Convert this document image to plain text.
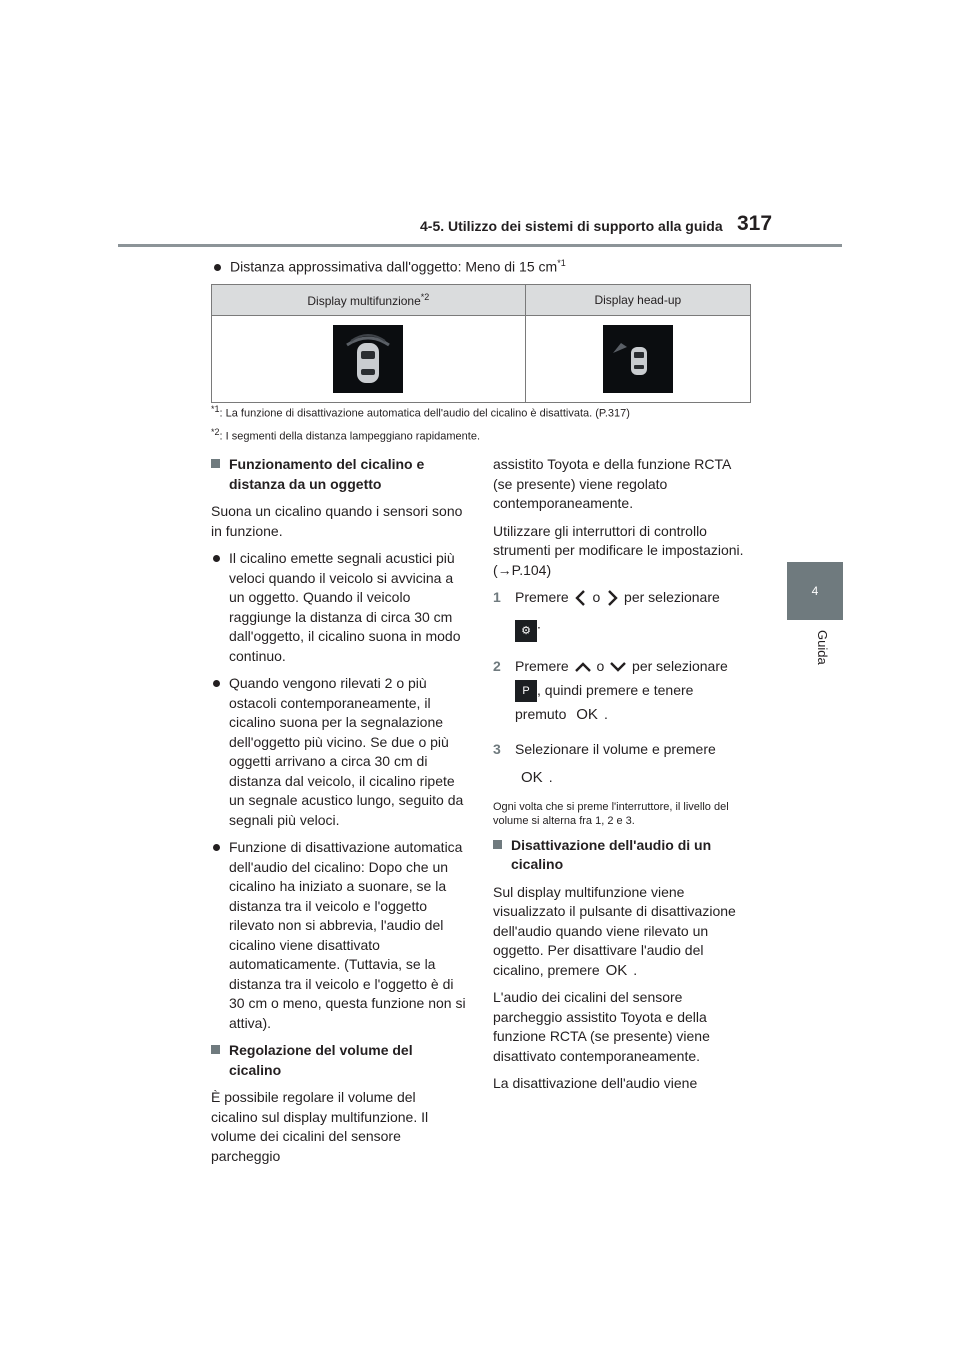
4-5. Utilizzo dei sistemi di supporto alla guida 317
4
Guida
Distanza approssimativa dall'oggetto: Meno di 15 $cm^{*1}$
Display multifunzione$^{*2}$	Display head-up

$^{*1}$: La funzione di disattivazione automatica dell'audio del cicalino è disattivata. (P.317)
$^{*2}$: I segmenti della distanza lampeggiano rapidamente.

Funzionamento del cicalino e distanza da un oggetto

Suona un cicalino quando i sensori sono in funzione.

Il cicalino emette segnali acustici più veloci quando il veicolo si avvicina a un oggetto. Quando il veicolo raggiunge la distanza di circa 30 cm dall'oggetto, il cicalino suona in modo continuo.

Quando vengono rilevati 2 o più ostacoli contemporaneamente, il cicalino suona per la segnalazione dell'oggetto più vicino. Se due o più oggetti arrivano a circa 30 cm di distanza dal veicolo, il cicalino ripete un segnale acustico lungo, seguito da segnali più veloci.

Funzione di disattivazione automatica dell'audio del cicalino: Dopo che un cicalino ha iniziato a suonare, se la distanza tra il veicolo e l'oggetto rilevato non si abbrevia, l'audio del cicalino viene disattivato automaticamente. (Tuttavia, se la distanza tra il veicolo e l'oggetto è di 30 cm o meno, questa funzione non si attiva).

Regolazione del volume del cicalino

È possibile regolare il volume del cicalino sul display multifunzione. Il volume dei cicalini del sensore parcheggio

assistito Toyota e della funzione RCTA (se presente) viene regolato contemporaneamente.

Utilizzare gli interruttori di controllo strumenti per modificare le impostazioni.
(→P.104)

1 Premere o per selezionare
⚙ .

2 Premere o per selezionare
P , quindi premere e tenere premuto OK .

3 Selezionare il volume e premere
OK .

Ogni volta che si preme l'interruttore, il livello del volume si alterna fra 1, 2 e 3.

Disattivazione dell'audio di un cicalino

Sul display multifunzione viene visualizzato il pulsante di disattivazione dell'audio quando viene rilevato un oggetto. Per disattivare l'audio del cicalino, premere OK .

L'audio dei cicalini del sensore parcheggio assistito Toyota e della funzione RCTA (se presente) viene disattivato contemporaneamente.

La disattivazione dell'audio viene
